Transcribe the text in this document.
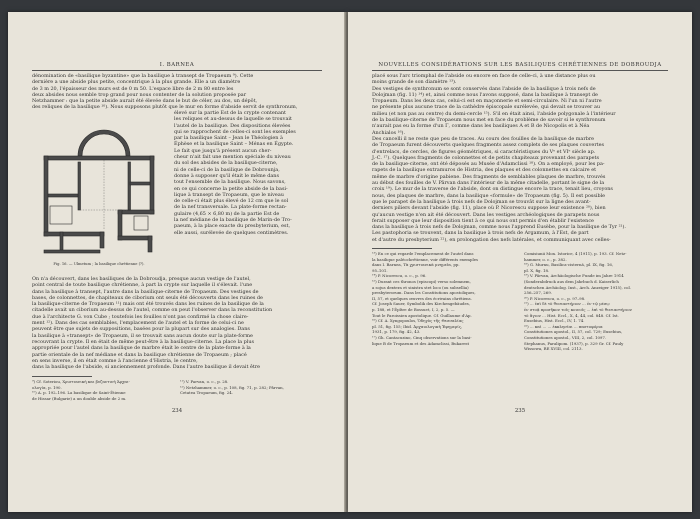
I. BARNEA

dénomination de «basilique byzantine» que la basilique à transept de Tropaeum ⁹). Cette

dernière a une abside plus petite, concentrique à la plus grande. Elle a un diamètre

de 3 m 20, l'épaisseur des murs est de 0 m 50. L'espace libre de 2 m 80 entre les

deux absides nous semble trop grand pour nous contenter de la solution proposée par

Netzhammer : que la petite abside aurait été élevée dans le but de céler, au dos, un dépôt,

des reliques de la basilique ¹⁰). Nous supposons plutôt que le mur en forme d'abside servit de synthronum,

Fig. 16. — Ulmetum ; la basilique chrétienne (?).

élevé sur la partie Est de la crypte contenant

les reliques et au-dessus de laquelle se trouvait

l'autel de la basilique. Des dispositions élevées

qui se rapprochent de celles-ci sont les exemples

par la basilique Saint – Jean le Théologien à

Éphèse et la basilique Saint – Ménas en Égypte.

Le fait que jusqu'à présent aucun cher-

cheur n'ait fait une mention spéciale du niveau

du sol des absides de la basilique-citerne,

ni de celle-ci de la basilique de Dobrounja,

donne à supposer qu'il était le même dans

tout l'ensemble de la basilique. Nous savons,

en ce qui concerne la petite abside de la basi-

lique à transept de Tropaeum, que le niveau

de celle-ci était plus élevé de 12 cm que le sol

de la nef transversale. La plate-forme rectan-

gulaire (4,65 × 6,80 m) de la partie Est de

la nef médiane de la basilique de Marin-de Tro-

paeum, à la place exacte du presbyterium, est,

elle aussi, surélevée de quelques centimètres.

On n'a découvert, dans les basiliques de la Dobroudja, presque aucun vestige de l'autel,

point central de toute basilique chrétienne, à part la crypte sur laquelle il s'élevait. l'une

dans la basilique à transept, l'autre dans la basilique-citerne de Tropaeum. Des vestiges de

bases, de colonnettes, de chapiteaux de ciborium ont seuls été découverts dans les ruines de

la basilique-citerne de Tropaeum ¹¹) mais ont été trouvés dans les ruines de la basilique de la

citadelle avait un ciborium au-dessus de l'autel, comme on peut l'observer dans la reconstitution

due à l'architecte G. von Cube ; toutefois les fouilles n'ont pas confirmé la chose claire-

ment ¹²). Dans des cas semblables, l'emplacement de l'autel et la forme de celui-ci ne

peuvent être que sujets de suppositions, basées pour la plupart sur des analogies. Dans

la basilique à «transept» de Tropaeum, il se trouvait sans aucun doute sur la plate-forme

recouvrant la crypte. Il en était de même peut-être à la basilique-citerne. La place la plus

appropriée pour l'autel dans la basilique de marbre était le centre de la plate-forme à la

partie orientale de la nef médiane et dans la basilique chrétienne de Tropaeum ; placé

en sens inverse, il en était comme à l'ancienne d'Histria, le centre,

dans la basilique de l'abside, si anciennement profonde. Dans l'autre basilique il devait être

⁹) Cf. Soteriou, Χριστιανική και βυζαντινή Ἀρχαι-
ολογία, p. 190.
¹⁰) A. p. 192–196. La basilique de Saint-Étienne
de Hissar (Bulgarie) a un double abside de 2 m.
¹¹) V. Parvan, o. c., p. 28.
¹²) Netzhammer, o. c., p. 108, fig. 71, p. 282; Pârvan,
Cetatea Tropaeum, fig. 24.
234
NOUVELLES CONSIDÉRATIONS SUR LES BASILIQUES CHRÉTIENNES DE DOBROUDJA

placé sous l'arc triomphal de l'abside ou encore en face de celle-ci, à une distance plus ou

moins grande de son diamètre ¹³).

Des vestiges de synthronum se sont conservés dans l'abside de la basilique à trois nefs de

Dolojman (fig. 11) ¹⁴) et, ainsi comme nous l'avons supposé, dans la basilique à transept de

Tropaeum. Dans les deux cas, celui-ci est en maçonnerie et semi-circulaire. Ni l'un ni l'autre

ne présente plus aucune trace de la cathèdre épiscopale surélevée, qui devait se trouver au

milieu (et non pas au centre) du demi-cercle ¹⁵). S'il en était ainsi, l'abside polygonale à l'intérieur

de la basilique-citerne de Tropaeum nous met en face du problème de savoir si le synthronum

n'aurait pas eu la forme d'un Γ, comme dans les basiliques A et B de Nicopolis et à Néa

Anchialos ¹⁶).

Des cancelli il ne reste que peu de traces. Au cours des fouilles de la basilique de marbre

de Tropaeum furent découverts quelques fragments assez complets de ses plaques couvertes

d'entrelacs, de cercles, de figures géométriques, si caractéristiques du Vᵉ et VIᵉ siècle ap.

J.-C. ¹⁷). Quelques fragments de colonnettes et de petits chapiteaux provenant des parapets

de la basilique-citerne, ont été déposés au Musée d'Adamclissi ¹⁸). On a employé, pour les pa-

rapets de la basilique extramuros de Histria, des plaques et des colonnettes en calcaire et

même de marbre d'origine pabiene. Des fragments de semblables plaques de marbre, trouvés

au début des fouilles de V. Pârvan dans l'intérieur de la même citadelle, portant le signe de la

croix ¹⁹). Le mur de la traverse de l'abside, dont on distingue encore la trace, tenait lieu, croyons

nous, des plaques de marbre, dans la basilique «formule» de Tropaeum (fig. 5). Il est possible

que le parapet de la basilique à trois nefs de Dolojman se trouvât sur la ligne des avant-

derniers piliers devant l'abside (fig. 11), place où P. Nicorescu suppose leur existence ²⁰), bien

qu'aucun vestige n'en ait été découvert. Dans les vestiges archéologiques de parapets nous

ferait supposer que leur disposition tient à ce qui nous ont permis d'en établir l'existence

dans la basilique à trois nefs de Dolojman, comme nous l'apprend Eusèbe, pour la basilique de Tyr ²¹).

Les pastophoria se trouvent, dans la basilique à trois nefs de Argamum, à l'Est, de part

et d'autre du presbyterium ²²), en prolongation des nefs latérales, et communiquant avec celles-

¹³) En ce qui regarde l'emplacement de l'autel dans
la basilique paléochrétienne, voir différents exemples
dans I. Barnea, Τὰ χριστιανικὰ μνημεῖα, pp.
95–101.
¹⁴) P. Nicorescu, o. c., p. 96.
¹⁵) Durant ces thronos (episcopi) verso solemnem,
a sojus dextera et sinistra stet loco (ou subsellia)
presbyterorum. Dans les Constitutions apostoliques,
II, 57, et quelques œuvres des écrivains chrétiens.
Cf. Joseph Sauer, Symbolik des Kirchengebäudes,
p. 188, et l'Épître de Bossuet, I, 2, p. 5. —
Tout le Paroissien apostolique. Cf. Guillaume d'Ap.
¹⁶) Cf. A. Xyngopoulos, Ὀδηγὸς τῆς Θεσσαλίας
pl. 51, fig. 155; Ibid. Ἀρχαιολογικὴ Ἐφημερίς,
1931, p. 179, fig. 42, 43.
¹⁷) Gh. Cantacuzino, Cinq observations sur la basi-
lique B de Tropaeum et des Adamclissi, Bukarest
Comisiunii Mon. Istorice, 4 (1911), p. 193. Cf. Netz-
hammer, o. c., p. 382.
¹⁸) G. Murnu, Basilica-cisternă, pl. IX, fig. 16,
pl. X, fig. 18.
¹⁹) V. Pârvan, Archäologische Funde im Jahre 1914
(Sonderabdruck aus dem Jahrbuch d. Kaiserlich
deutschen Archäolog. Inst., Arch. Anzeiger 1915), col.
256–257, 269.
²⁰) P. Nicorescu, o. c., p. 97–98.
²¹) ... ἐπὶ δὲ τὸ θυσιαστήριον ... ἐν τῷ μέσῳ
ἐν στοᾷ προσῆκον τοῖς κοινοῖς ... ἐπὶ τὸ θυσιαστήριον
τὸ ἅγιον ... Hist. Eccl., X, 4, 44, col. 848. Cf. Ist.
Eusebius, Hist. Eccl., IV, 1. 74.
²²) ... καὶ ... ... ἐκκλησίαι ... παστοφόρια
Constitutiones apostol., II, 57, col. 729; Eusebius,
Constitutiones apostol., VIII, 2, col. 1097.
Stephanus, Paralipom. (1937), p. 329 Gr. Cf. Pauly
Wissowa, RE XVIII, col. 2113.
235
